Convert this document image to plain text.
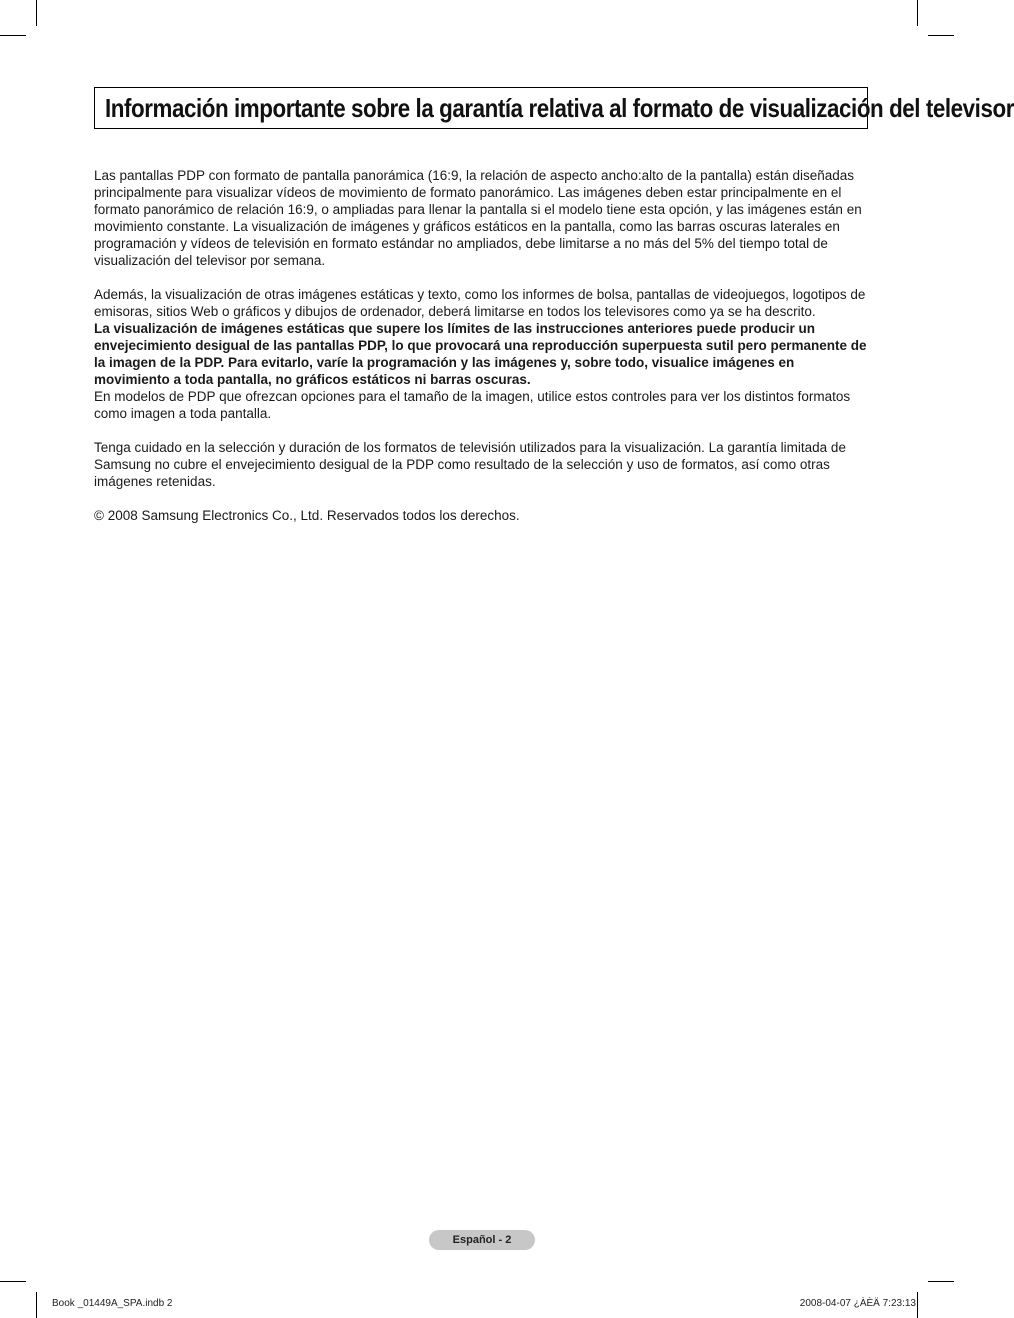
Información importante sobre la garantía relativa al formato de visualización del televisor

Las pantallas PDP con formato de pantalla panorámica (16:9, la relación de aspecto ancho:alto de la pantalla) están diseñadas principalmente para visualizar vídeos de movimiento de formato panorámico. Las imágenes deben estar principalmente en el formato panorámico de relación 16:9, o ampliadas para llenar la pantalla si el modelo tiene esta opción, y las imágenes están en movimiento constante. La visualización de imágenes y gráficos estáticos en la pantalla, como las barras oscuras laterales en programación y vídeos de televisión en formato estándar no ampliados, debe limitarse a no más del 5% del tiempo total de visualización del televisor por semana.

Además, la visualización de otras imágenes estáticas y texto, como los informes de bolsa, pantallas de videojuegos, logotipos de emisoras, sitios Web o gráficos y dibujos de ordenador, deberá limitarse en todos los televisores como ya se ha descrito.

La visualización de imágenes estáticas que supere los límites de las instrucciones anteriores puede producir un envejecimiento desigual de las pantallas PDP, lo que provocará una reproducción superpuesta sutil pero permanente de la imagen de la PDP. Para evitarlo, varíe la programación y las imágenes y, sobre todo, visualice imágenes en movimiento a toda pantalla, no gráficos estáticos ni barras oscuras.

En modelos de PDP que ofrezcan opciones para el tamaño de la imagen, utilice estos controles para ver los distintos formatos como imagen a toda pantalla.

Tenga cuidado en la selección y duración de los formatos de televisión utilizados para la visualización. La garantía limitada de Samsung no cubre el envejecimiento desigual de la PDP como resultado de la selección y uso de formatos, así como otras imágenes retenidas.

© 2008 Samsung Electronics Co., Ltd. Reservados todos los derechos.

Español - 2
Book _01449A_SPA.indb 2	2008-04-07 ¿ÀÈÄ 7:23:13
